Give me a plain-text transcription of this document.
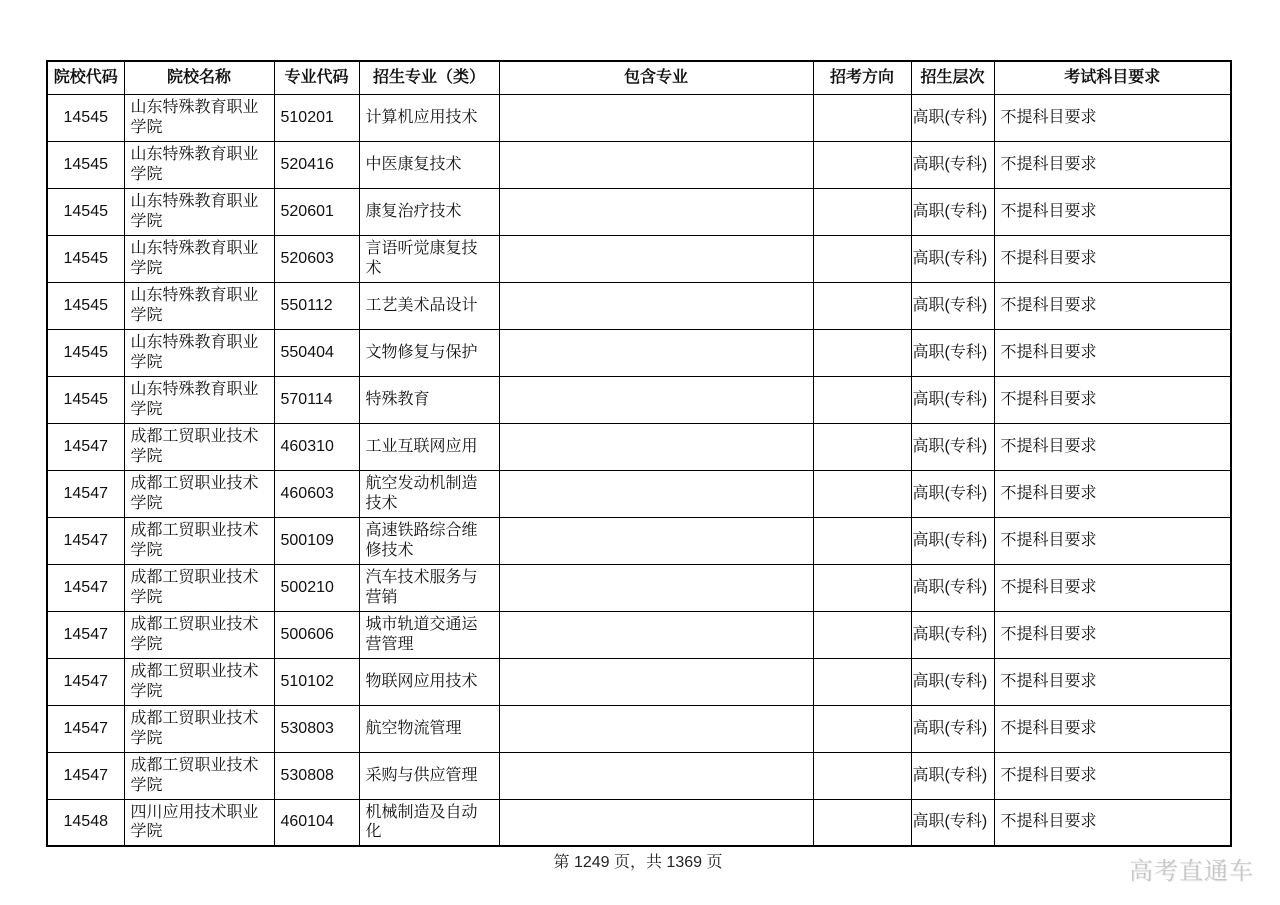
院校代码	院校名称	专业代码	招生专业（类）	包含专业	招考方向	招生层次	考试科目要求
14545	山东特殊教育职业学院	510201	计算机应用技术			高职(专科)	不提科目要求
14545	山东特殊教育职业学院	520416	中医康复技术			高职(专科)	不提科目要求
14545	山东特殊教育职业学院	520601	康复治疗技术			高职(专科)	不提科目要求
14545	山东特殊教育职业学院	520603	言语听觉康复技术			高职(专科)	不提科目要求
14545	山东特殊教育职业学院	550112	工艺美术品设计			高职(专科)	不提科目要求
14545	山东特殊教育职业学院	550404	文物修复与保护			高职(专科)	不提科目要求
14545	山东特殊教育职业学院	570114	特殊教育			高职(专科)	不提科目要求
14547	成都工贸职业技术学院	460310	工业互联网应用			高职(专科)	不提科目要求
14547	成都工贸职业技术学院	460603	航空发动机制造技术			高职(专科)	不提科目要求
14547	成都工贸职业技术学院	500109	高速铁路综合维修技术			高职(专科)	不提科目要求
14547	成都工贸职业技术学院	500210	汽车技术服务与营销			高职(专科)	不提科目要求
14547	成都工贸职业技术学院	500606	城市轨道交通运营管理			高职(专科)	不提科目要求
14547	成都工贸职业技术学院	510102	物联网应用技术			高职(专科)	不提科目要求
14547	成都工贸职业技术学院	530803	航空物流管理			高职(专科)	不提科目要求
14547	成都工贸职业技术学院	530808	采购与供应管理			高职(专科)	不提科目要求
14548	四川应用技术职业学院	460104	机械制造及自动化			高职(专科)	不提科目要求
第 1249 页，共 1369 页	高考直通车
